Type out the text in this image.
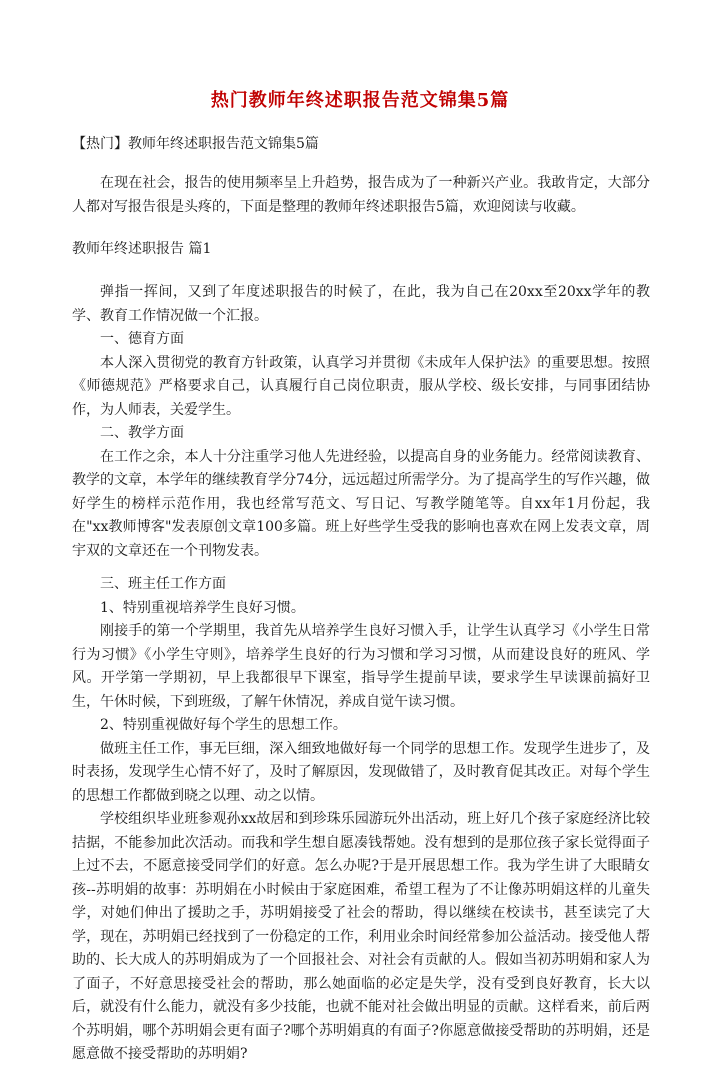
热门教师年终述职报告范文锦集5篇
【热门】教师年终述职报告范文锦集5篇

在现在社会，报告的使用频率呈上升趋势，报告成为了一种新兴产业。我敢肯定，大部分人都对写报告很是头疼的，下面是整理的教师年终述职报告5篇，欢迎阅读与收藏。

教师年终述职报告 篇1

弹指一挥间，又到了年度述职报告的时候了，在此，我为自己在20xx至20xx学年的教学、教育工作情况做一个汇报。

一、德育方面

本人深入贯彻党的教育方针政策，认真学习并贯彻《未成年人保护法》的重要思想。按照《师德规范》严格要求自己，认真履行自己岗位职责，服从学校、级长安排，与同事团结协作，为人师表，关爱学生。

二、教学方面

在工作之余，本人十分注重学习他人先进经验，以提高自身的业务能力。经常阅读教育、教学的文章，本学年的继续教育学分74分，远远超过所需学分。为了提高学生的写作兴趣，做好学生的榜样示范作用，我也经常写范文、写日记、写教学随笔等。自xx年1月份起，我在"xx教师博客"发表原创文章100多篇。班上好些学生受我的影响也喜欢在网上发表文章，周宇双的文章还在一个刊物发表。

三、班主任工作方面

1、特别重视培养学生良好习惯。

刚接手的第一个学期里，我首先从培养学生良好习惯入手，让学生认真学习《小学生日常行为习惯》《小学生守则》，培养学生良好的行为习惯和学习习惯，从而建设良好的班风、学风。开学第一学期初，早上我都很早下课室，指导学生提前早读，要求学生早读课前搞好卫生，午休时候，下到班级，了解午休情况，养成自觉午读习惯。

2、特别重视做好每个学生的思想工作。

做班主任工作，事无巨细，深入细致地做好每一个同学的思想工作。发现学生进步了，及时表扬，发现学生心情不好了，及时了解原因，发现做错了，及时教育促其改正。对每个学生的思想工作都做到晓之以理、动之以情。

学校组织毕业班参观孙xx故居和到珍珠乐园游玩外出活动，班上好几个孩子家庭经济比较拮据，不能参加此次活动。而我和学生想自愿凑钱帮她。没有想到的是那位孩子家长觉得面子上过不去，不愿意接受同学们的好意。怎么办呢?于是开展思想工作。我为学生讲了大眼睛女孩--苏明娟的故事：苏明娟在小时候由于家庭困难，希望工程为了不让像苏明娟这样的儿童失学，对她们伸出了援助之手，苏明娟接受了社会的帮助，得以继续在校读书，甚至读完了大学，现在，苏明娟已经找到了一份稳定的工作，利用业余时间经常参加公益活动。接受他人帮助的、长大成人的苏明娟成为了一个回报社会、对社会有贡献的人。假如当初苏明娟和家人为了面子，不好意思接受社会的帮助，那么她面临的必定是失学，没有受到良好教育，长大以后，就没有什么能力，就没有多少技能，也就不能对社会做出明显的贡献。这样看来，前后两个苏明娟，哪个苏明娟会更有面子?哪个苏明娟真的有面子?你愿意做接受帮助的苏明娟，还是愿意做不接受帮助的苏明娟?
